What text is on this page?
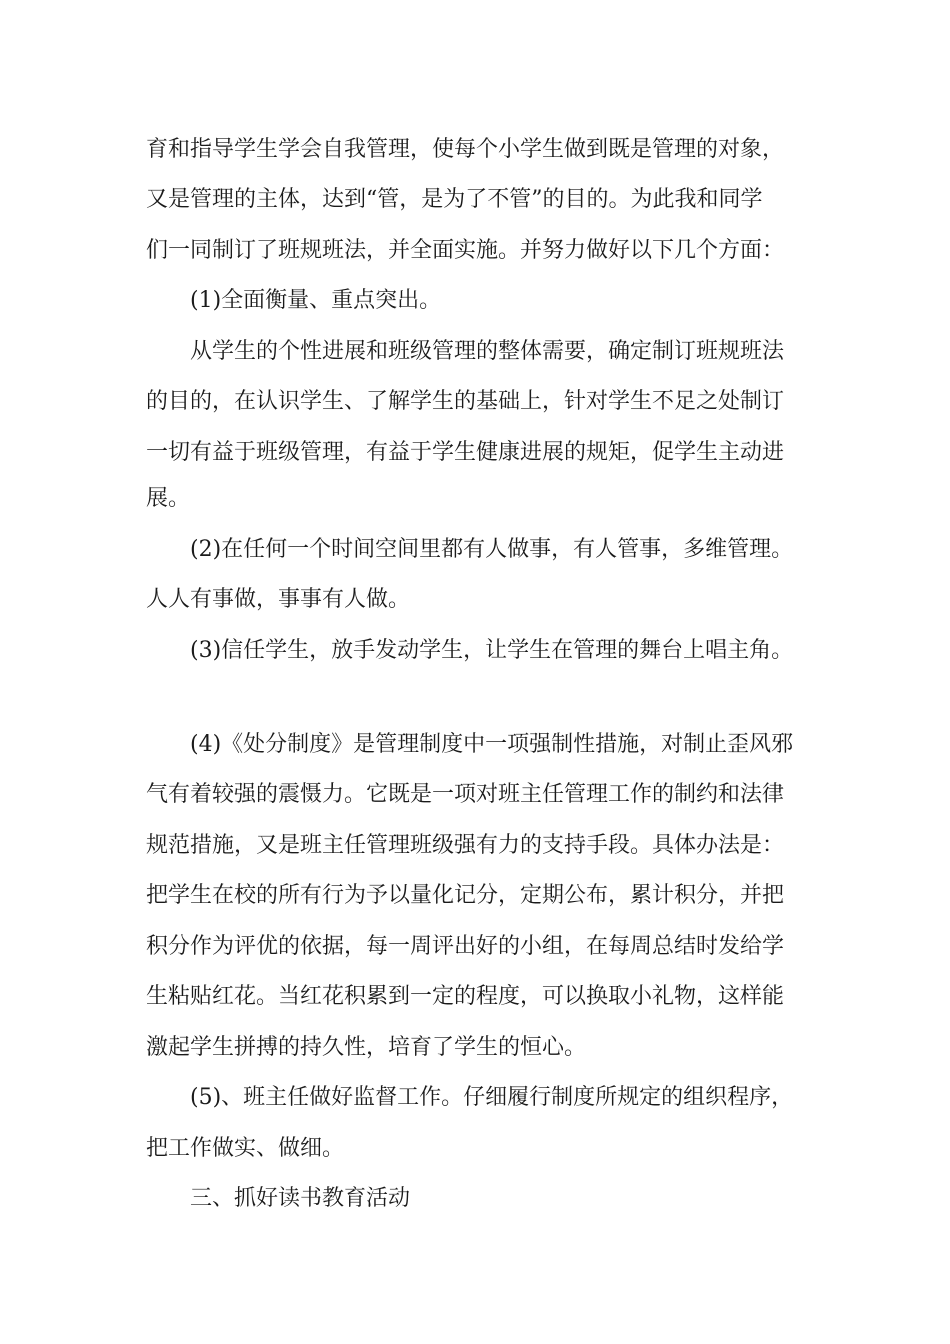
育和指导学生学会自我管理，使每个小学生做到既是管理的对象，

又是管理的主体，达到“管，是为了不管”的目的。为此我和同学

们一同制订了班规班法，并全面实施。并努力做好以下几个方面：

(1)全面衡量、重点突出。

从学生的个性进展和班级管理的整体需要，确定制订班规班法

的目的，在认识学生、了解学生的基础上，针对学生不足之处制订

一切有益于班级管理，有益于学生健康进展的规矩，促学生主动进

展。

(2)在任何一个时间空间里都有人做事，有人管事，多维管理。

人人有事做，事事有人做。

(3)信任学生，放手发动学生，让学生在管理的舞台上唱主角。

(4)《处分制度》是管理制度中一项强制性措施，对制止歪风邪

气有着较强的震慑力。它既是一项对班主任管理工作的制约和法律

规范措施，又是班主任管理班级强有力的支持手段。具体办法是：

把学生在校的所有行为予以量化记分，定期公布，累计积分，并把

积分作为评优的依据，每一周评出好的小组，在每周总结时发给学

生粘贴红花。当红花积累到一定的程度，可以换取小礼物，这样能

激起学生拼搏的持久性，培育了学生的恒心。

(5)、班主任做好监督工作。仔细履行制度所规定的组织程序，

把工作做实、做细。

三、抓好读书教育活动
